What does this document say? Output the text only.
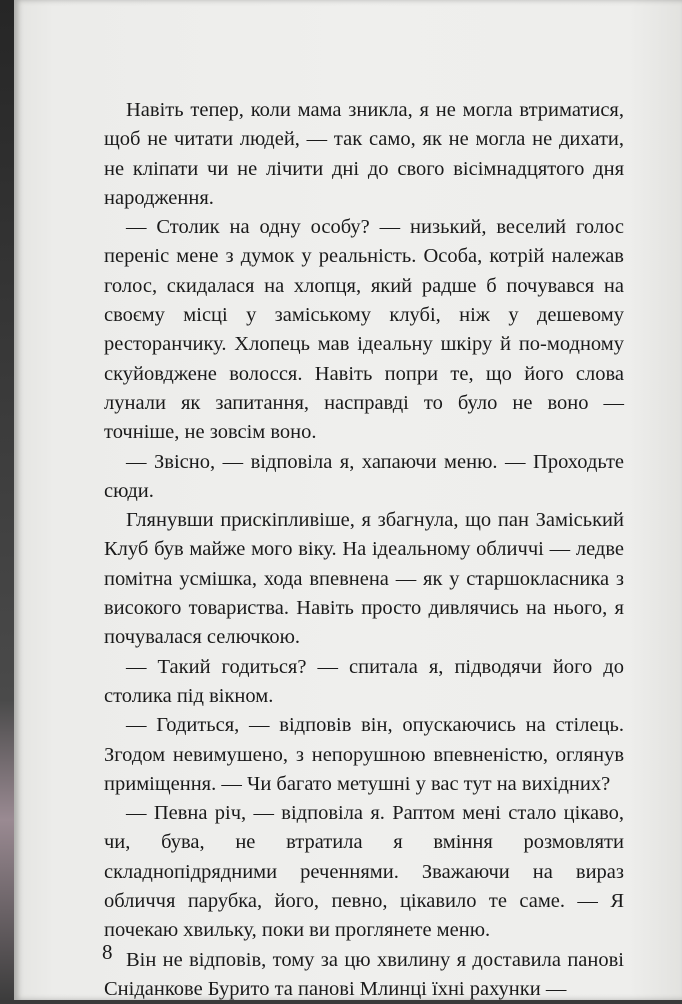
Навіть тепер, коли мама зникла, я не могла втриматися, щоб не читати людей, — так само, як не могла не дихати, не кліпати чи не лічити дні до свого вісімнадцятого дня народження.

— Столик на одну особу? — низький, веселий голос переніс мене з думок у реальність. Особа, котрій належав голос, скидалася на хлопця, який радше б почувався на своєму місці у заміському клубі, ніж у дешевому ресторанчику. Хлопець мав ідеальну шкіру й по-модному скуйовджене волосся. Навіть попри те, що його слова лунали як запитання, насправді то було не воно — точніше, не зовсім воно.

— Звісно, — відповіла я, хапаючи меню. — Проходьте сюди.

Глянувши прискіпливіше, я збагнула, що пан Заміський Клуб був майже мого віку. На ідеальному обличчі — ледве помітна усмішка, хода впевнена — як у старшокласника з високого товариства. Навіть просто дивлячись на нього, я почувалася селючкою.

— Такий годиться? — спитала я, підводячи його до столика під вікном.

— Годиться, — відповів він, опускаючись на стілець. Згодом невимушено, з непорушною впевненістю, оглянув приміщення. — Чи багато метушні у вас тут на вихідних?

— Певна річ, — відповіла я. Раптом мені стало цікаво, чи, бува, не втратила я вміння розмовляти складнопідрядними реченнями. Зважаючи на вираз обличчя парубка, його, певно, цікавило те саме. — Я почекаю хвильку, поки ви проглянете меню.

Він не відповів, тому за цю хвилину я доставила панові Сніданкове Бурито та панові Млинці їхні рахунки —

8
